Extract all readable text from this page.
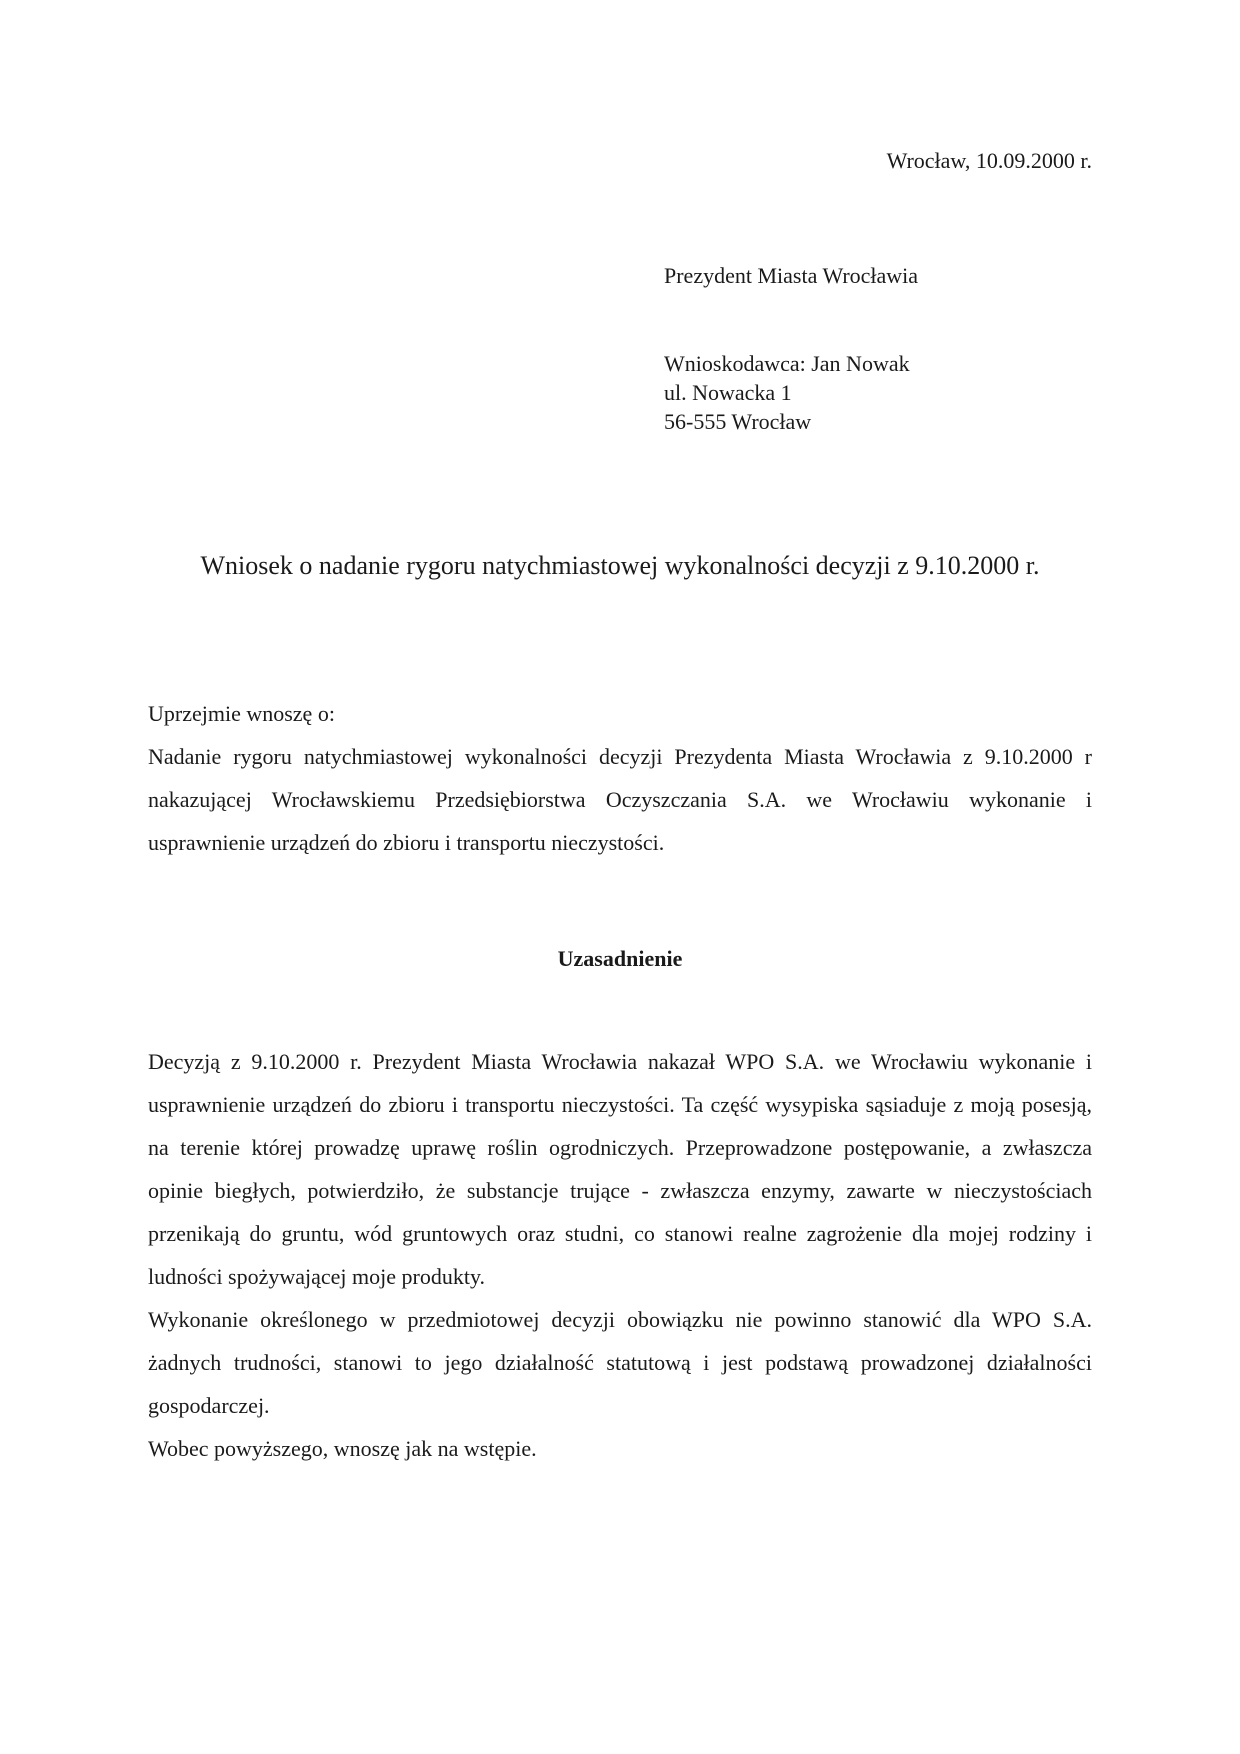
Wrocław, 10.09.2000 r.
Prezydent Miasta Wrocławia
Wnioskodawca: Jan Nowak
ul. Nowacka 1
56-555 Wrocław
Wniosek o nadanie rygoru natychmiastowej wykonalności decyzji z 9.10.2000 r.

Uprzejmie wnoszę o:

Nadanie rygoru natychmiastowej wykonalności decyzji Prezydenta Miasta Wrocławia z 9.10.2000 r nakazującej Wrocławskiemu Przedsiębiorstwa Oczyszczania S.A. we Wrocławiu wykonanie i usprawnienie urządzeń do zbioru i transportu nieczystości.

Uzasadnienie

Decyzją z 9.10.2000 r. Prezydent Miasta Wrocławia nakazał WPO S.A. we Wrocławiu wykonanie i usprawnienie urządzeń do zbioru i transportu nieczystości. Ta część wysypiska sąsiaduje z moją posesją, na terenie której prowadzę uprawę roślin ogrodniczych. Przeprowadzone postępowanie, a zwłaszcza opinie biegłych, potwierdziło, że substancje trujące - zwłaszcza enzymy, zawarte w nieczystościach przenikają do gruntu, wód gruntowych oraz studni, co stanowi realne zagrożenie dla mojej rodziny i ludności spożywającej moje produkty.

Wykonanie określonego w przedmiotowej decyzji obowiązku nie powinno stanowić dla WPO S.A. żadnych trudności, stanowi to jego działalność statutową i jest podstawą prowadzonej działalności gospodarczej.

Wobec powyższego, wnoszę jak na wstępie.
